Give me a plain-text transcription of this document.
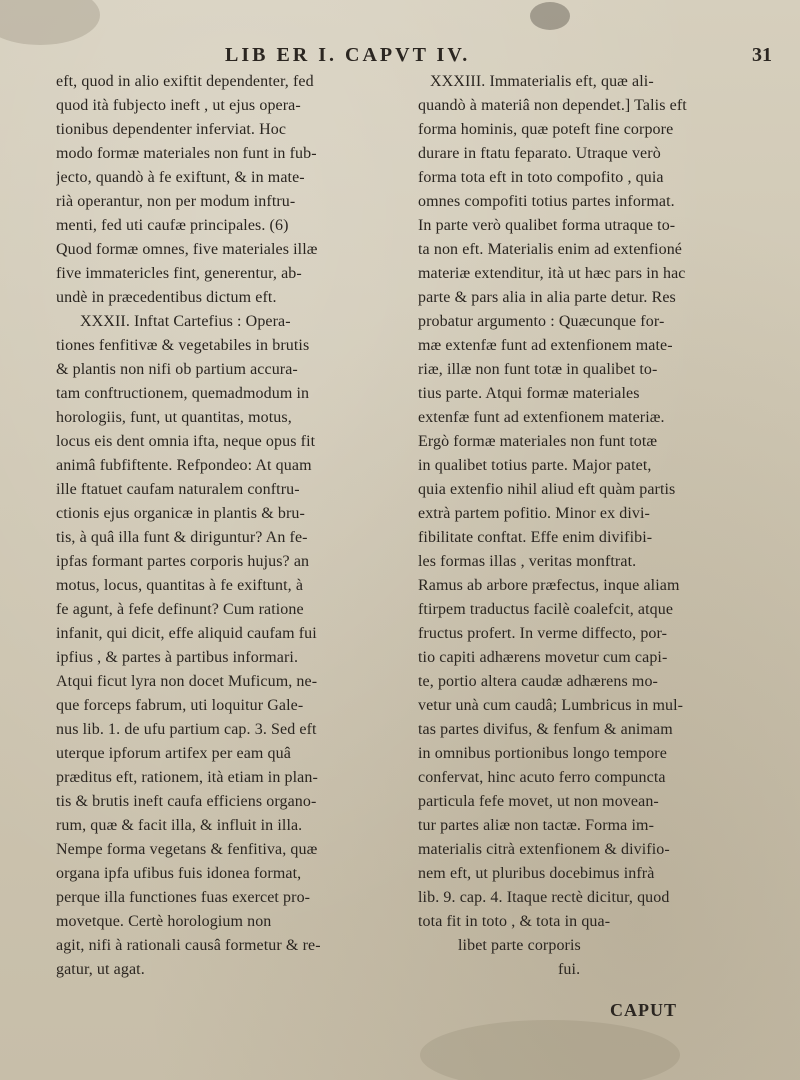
LIB ER I. CAPVT IV.	31
eft, quod in alio exiftit dependenter, fed
quod ità fubjecto ineft , ut ejus opera-
tionibus dependenter inferviat. Hoc
modo formæ materiales non funt in fub-
jecto, quandò à fe exiftunt, & in mate-
rià operantur, non per modum inftru-
menti, fed uti caufæ principales. (6)
Quod formæ omnes, five materiales illæ
five immatericles fint, generentur, ab-
undè in præcedentibus dictum eft.
XXXII. Inftat Cartefius : Opera-
tiones fenfitivæ & vegetabiles in brutis
& plantis non nifi ob partium accura-
tam conftructionem, quemadmodum in
horologiis, funt, ut quantitas, motus,
locus eis dent omnia ifta, neque opus fit
animâ fubfiftente. Refpondeo: At quam
ille ftatuet caufam naturalem conftru-
ctionis ejus organicæ in plantis & bru-
tis, à quâ illa funt & diriguntur? An fe-
ipfas formant partes corporis hujus? an
motus, locus, quantitas à fe exiftunt, à
fe agunt, à fefe definunt? Cum ratione
infanit, qui dicit, effe aliquid caufam fui
ipfius , & partes à partibus informari.
Atqui ficut lyra non docet Muficum, ne-
que forceps fabrum, uti loquitur Gale-
nus lib. 1. de ufu partium cap. 3. Sed eft
uterque ipforum artifex per eam quâ
præditus eft, rationem, ità etiam in plan-
tis & brutis ineft caufa efficiens organo-
rum, quæ & facit illa, & influit in illa.
Nempe forma vegetans & fenfitiva, quæ
organa ipfa ufibus fuis idonea format,
perque illa functiones fuas exercet pro-
movetque. Certè horologium non
agit, nifi à rationali causâ formetur & re-
gatur, ut agat.
XXXIII. Immaterialis eft, quæ ali-
quandò à materiâ non dependet.] Talis eft
forma hominis, quæ poteft fine corpore
durare in ftatu feparato. Utraque verò
forma tota eft in toto compofito , quia
omnes compofiti totius partes informat.
In parte verò qualibet forma utraque to-
ta non eft. Materialis enim ad extenfioné
materiæ extenditur, ità ut hæc pars in hac
parte & pars alia in alia parte detur. Res
probatur argumento : Quæcunque for-
mæ extenfæ funt ad extenfionem mate-
riæ, illæ non funt totæ in qualibet to-
tius parte. Atqui formæ materiales
extenfæ funt ad extenfionem materiæ.
Ergò formæ materiales non funt totæ
in qualibet totius parte. Major patet,
quia extenfio nihil aliud eft quàm partis
extrà partem pofitio. Minor ex divi-
fibilitate conftat. Effe enim divifibi-
les formas illas , veritas monftrat.
Ramus ab arbore præfectus, inque aliam
ftirpem traductus facilè coalefcit, atque
fructus profert. In verme diffecto, por-
tio capiti adhærens movetur cum capi-
te, portio altera caudæ adhærens mo-
vetur unà cum caudâ; Lumbricus in mul-
tas partes divifus, & fenfum & animam
in omnibus portionibus longo tempore
confervat, hinc acuto ferro compuncta
particula fefe movet, ut non movean-
tur partes aliæ non tactæ. Forma im-
materialis citrà extenfionem & divifio-
nem eft, ut pluribus docebimus infrà
lib. 9. cap. 4. Itaque rectè dicitur, quod
tota fit in toto , & tota in qua-
libet parte corporis
fui.
CAPUT
